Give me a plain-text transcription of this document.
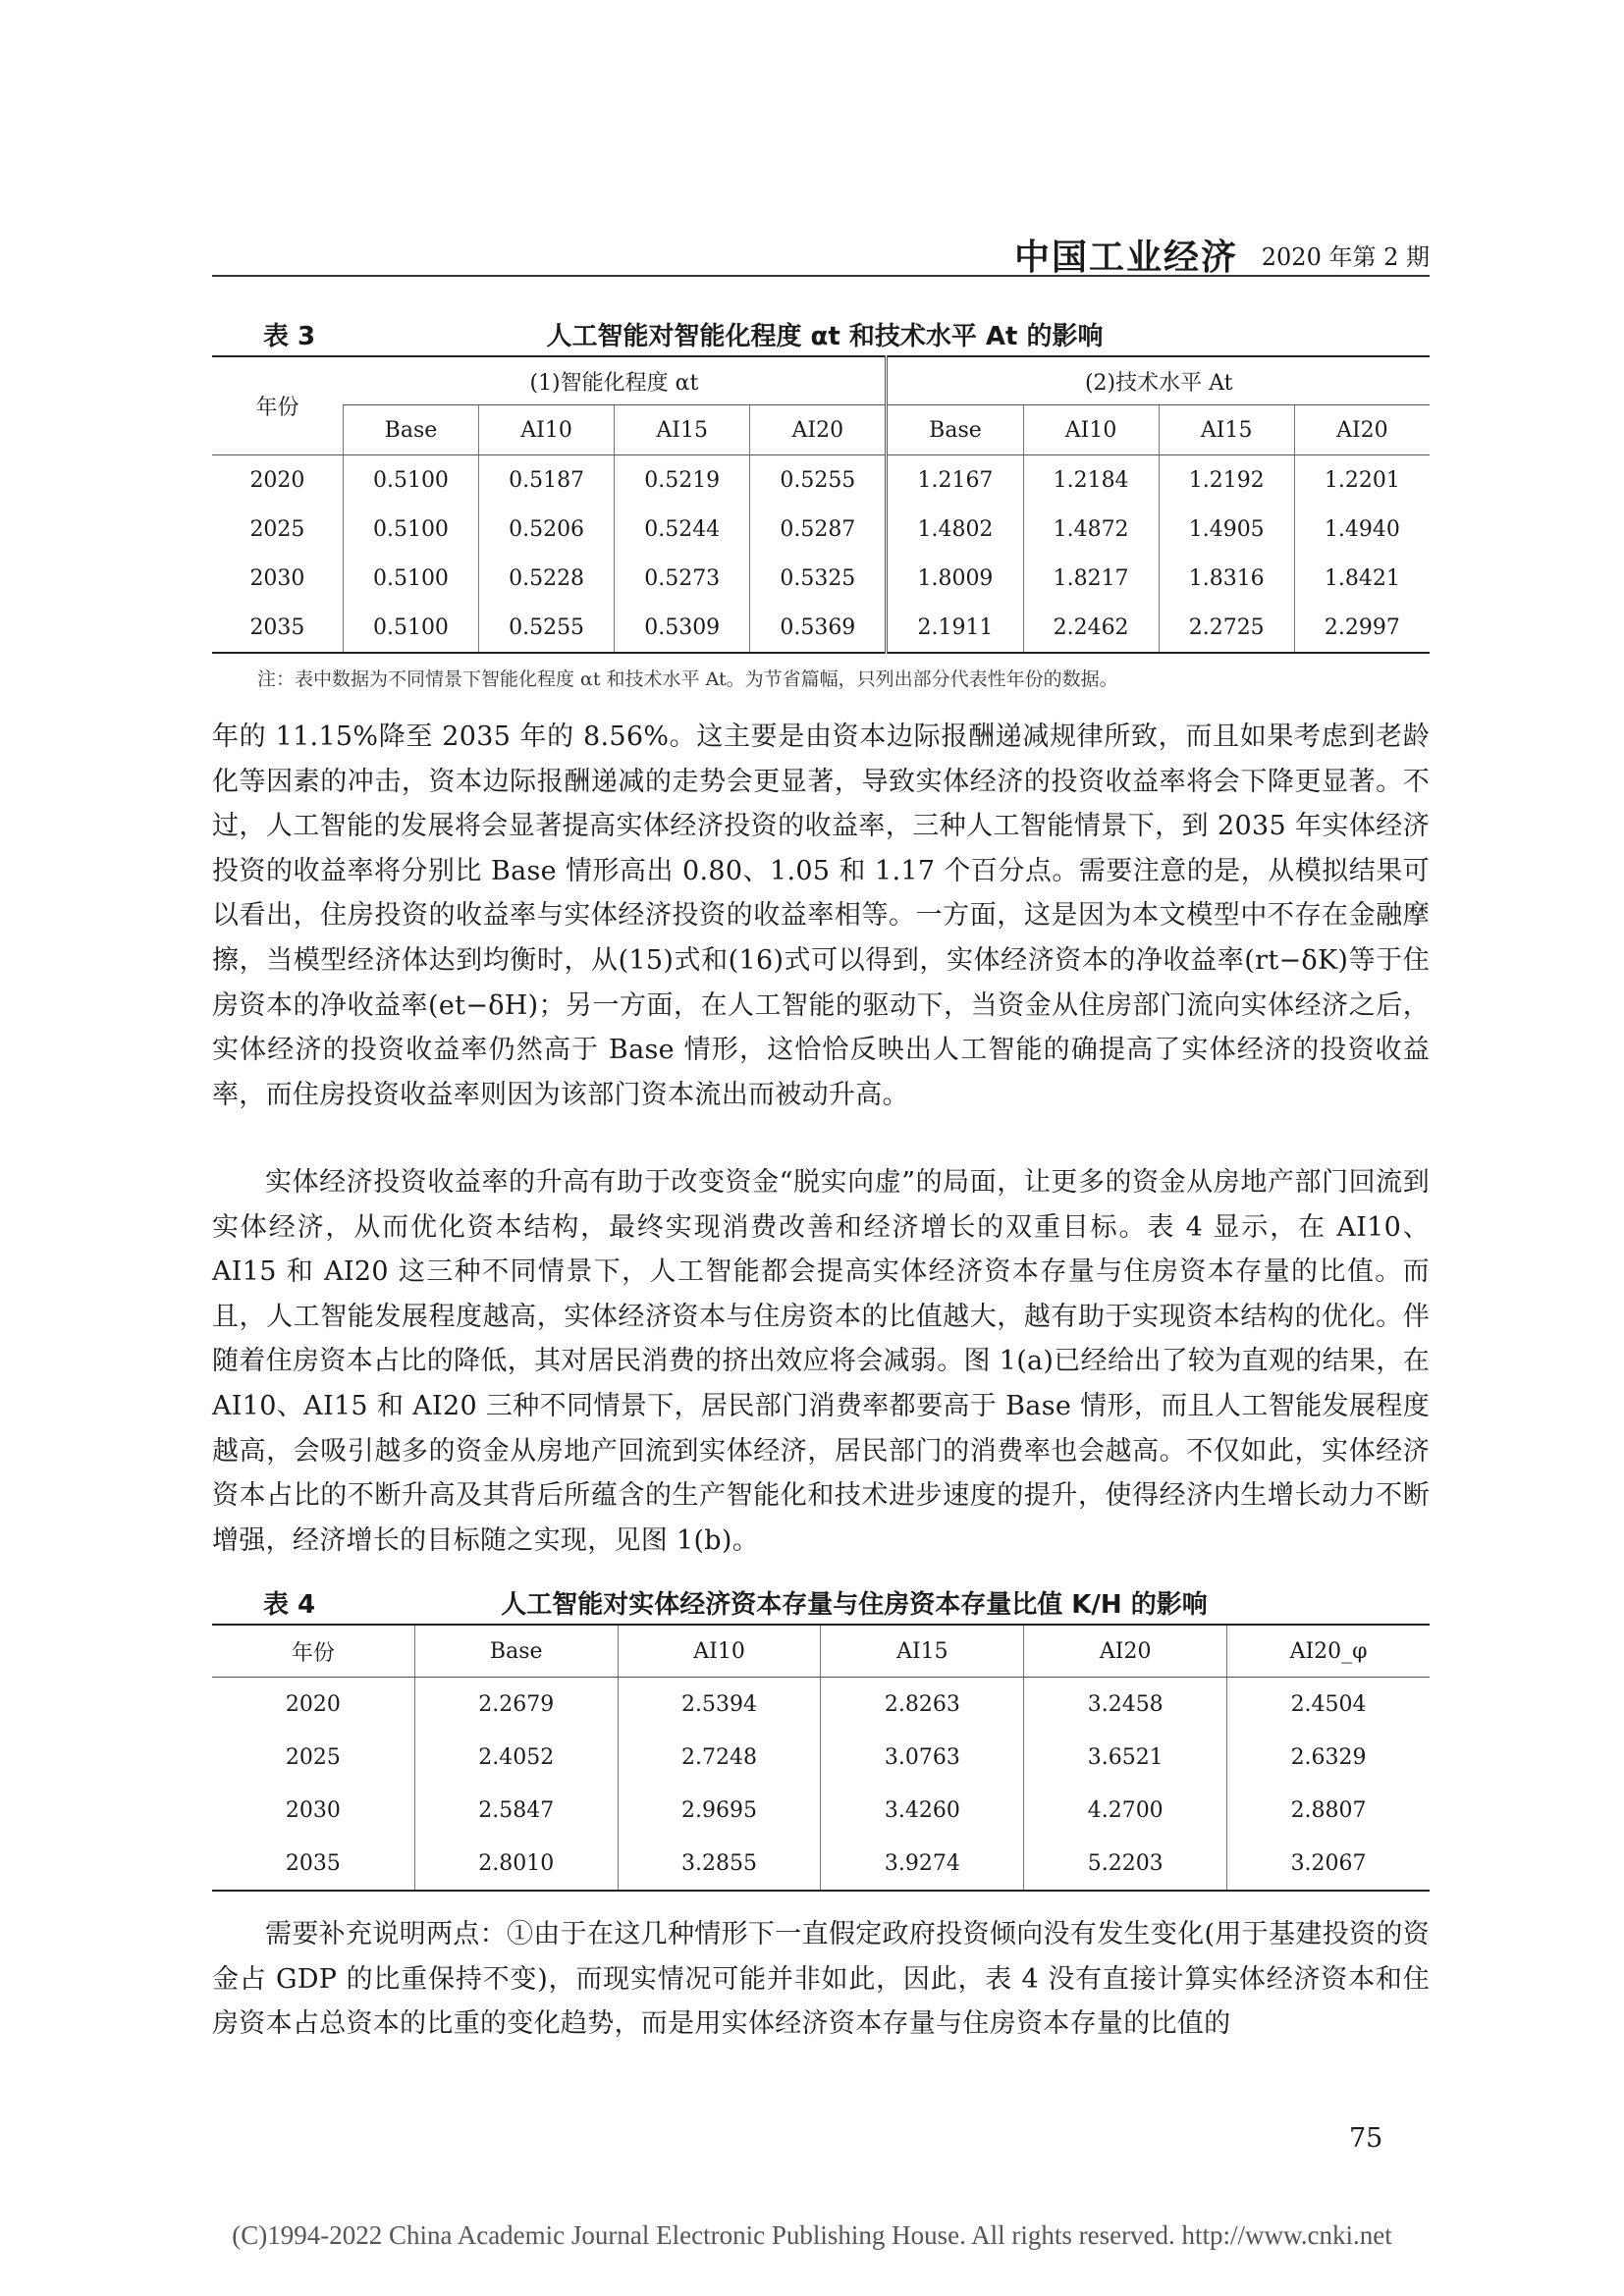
中国工业经济 2020 年第 2 期
表 3	人工智能对智能化程度 αt 和技术水平 At 的影响
年份	(1)智能化程度 αt				(2)技术水平 At			
	Base	AI10	AI15	AI20	Base	AI10	AI15	AI20
2020	0.5100	0.5187	0.5219	0.5255	1.2167	1.2184	1.2192	1.2201
2025	0.5100	0.5206	0.5244	0.5287	1.4802	1.4872	1.4905	1.4940
2030	0.5100	0.5228	0.5273	0.5325	1.8009	1.8217	1.8316	1.8421
2035	0.5100	0.5255	0.5309	0.5369	2.1911	2.2462	2.2725	2.2997
注：表中数据为不同情景下智能化程度 αt 和技术水平 At。为节省篇幅，只列出部分代表性年份的数据。
年的 11.15%降至 2035 年的 8.56%。这主要是由资本边际报酬递减规律所致，而且如果考虑到老龄化等因素的冲击，资本边际报酬递减的走势会更显著，导致实体经济的投资收益率将会下降更显著。不过，人工智能的发展将会显著提高实体经济投资的收益率，三种人工智能情景下，到 2035 年实体经济投资的收益率将分别比 Base 情形高出 0.80、1.05 和 1.17 个百分点。需要注意的是，从模拟结果可以看出，住房投资的收益率与实体经济投资的收益率相等。一方面，这是因为本文模型中不存在金融摩擦，当模型经济体达到均衡时，从(15)式和(16)式可以得到，实体经济资本的净收益率(rt−δK)等于住房资本的净收益率(et−δH)；另一方面，在人工智能的驱动下，当资金从住房部门流向实体经济之后，实体经济的投资收益率仍然高于 Base 情形，这恰恰反映出人工智能的确提高了实体经济的投资收益率，而住房投资收益率则因为该部门资本流出而被动升高。
实体经济投资收益率的升高有助于改变资金“脱实向虚”的局面，让更多的资金从房地产部门回流到实体经济，从而优化资本结构，最终实现消费改善和经济增长的双重目标。表 4 显示，在 AI10、AI15 和 AI20 这三种不同情景下，人工智能都会提高实体经济资本存量与住房资本存量的比值。而且，人工智能发展程度越高，实体经济资本与住房资本的比值越大，越有助于实现资本结构的优化。伴随着住房资本占比的降低，其对居民消费的挤出效应将会减弱。图 1(a)已经给出了较为直观的结果，在 AI10、AI15 和 AI20 三种不同情景下，居民部门消费率都要高于 Base 情形，而且人工智能发展程度越高，会吸引越多的资金从房地产回流到实体经济，居民部门的消费率也会越高。不仅如此，实体经济资本占比的不断升高及其背后所蕴含的生产智能化和技术进步速度的提升，使得经济内生增长动力不断增强，经济增长的目标随之实现，见图 1(b)。
表 4	人工智能对实体经济资本存量与住房资本存量比值 K/H 的影响
年份	Base	AI10	AI15	AI20	AI20_φ
2020	2.2679	2.5394	2.8263	3.2458	2.4504
2025	2.4052	2.7248	3.0763	3.6521	2.6329
2030	2.5847	2.9695	3.4260	4.2700	2.8807
2035	2.8010	3.2855	3.9274	5.2203	3.2067
需要补充说明两点：①由于在这几种情形下一直假定政府投资倾向没有发生变化(用于基建投资的资金占 GDP 的比重保持不变)，而现实情况可能并非如此，因此，表 4 没有直接计算实体经济资本和住房资本占总资本的比重的变化趋势，而是用实体经济资本存量与住房资本存量的比值的
75
(C)1994-2022 China Academic Journal Electronic Publishing House. All rights reserved. http://www.cnki.net
